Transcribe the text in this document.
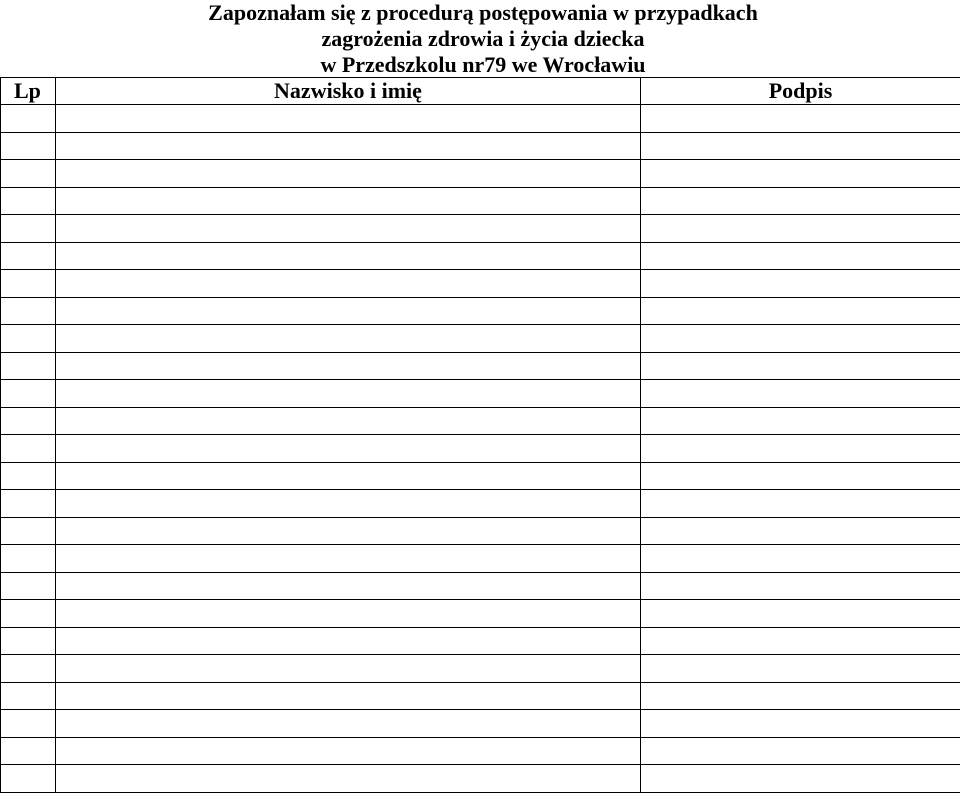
Zapoznałam się z procedurą postępowania w przypadkach
zagrożenia zdrowia i życia dziecka
w Przedszkolu nr79 we Wrocławiu
Lp	Nazwisko i imię	Podpis
